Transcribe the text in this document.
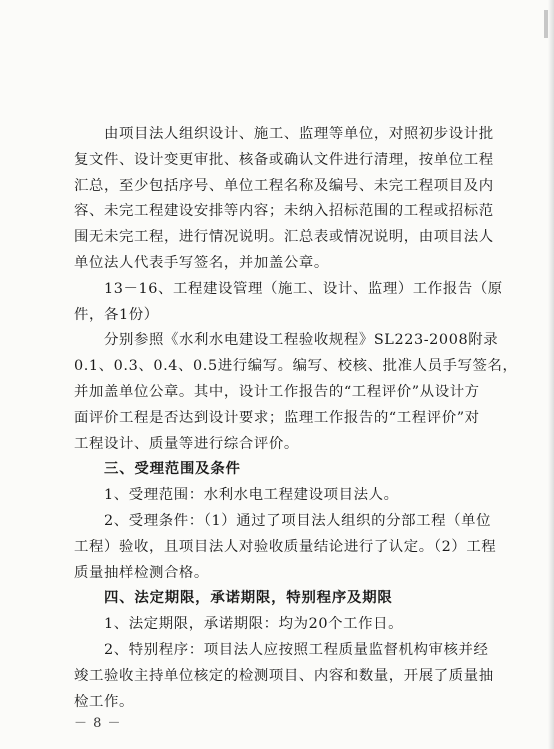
由项目法人组织设计、施工、监理等单位，对照初步设计批
复文件、设计变更审批、核备或确认文件进行清理，按单位工程
汇总，至少包括序号、单位工程名称及编号、未完工程项目及内
容、未完工程建设安排等内容；未纳入招标范围的工程或招标范
围无未完工程，进行情况说明。汇总表或情况说明，由项目法人
单位法人代表手写签名，并加盖公章。
13－16、工程建设管理（施工、设计、监理）工作报告（原
件，各1份）
分别参照《水利水电建设工程验收规程》SL223-2008附录
0.1、0.3、0.4、0.5进行编写。编写、校核、批准人员手写签名，
并加盖单位公章。其中，设计工作报告的“工程评价”从设计方
面评价工程是否达到设计要求；监理工作报告的“工程评价”对
工程设计、质量等进行综合评价。
三、受理范围及条件
1、受理范围：水利水电工程建设项目法人。
2、受理条件：（1）通过了项目法人组织的分部工程（单位
工程）验收，且项目法人对验收质量结论进行了认定。（2）工程
质量抽样检测合格。
四、法定期限，承诺期限，特别程序及期限
1、法定期限，承诺期限：均为20个工作日。
2、特别程序：项目法人应按照工程质量监督机构审核并经
竣工验收主持单位核定的检测项目、内容和数量，开展了质量抽
检工作。
－ 8 －
